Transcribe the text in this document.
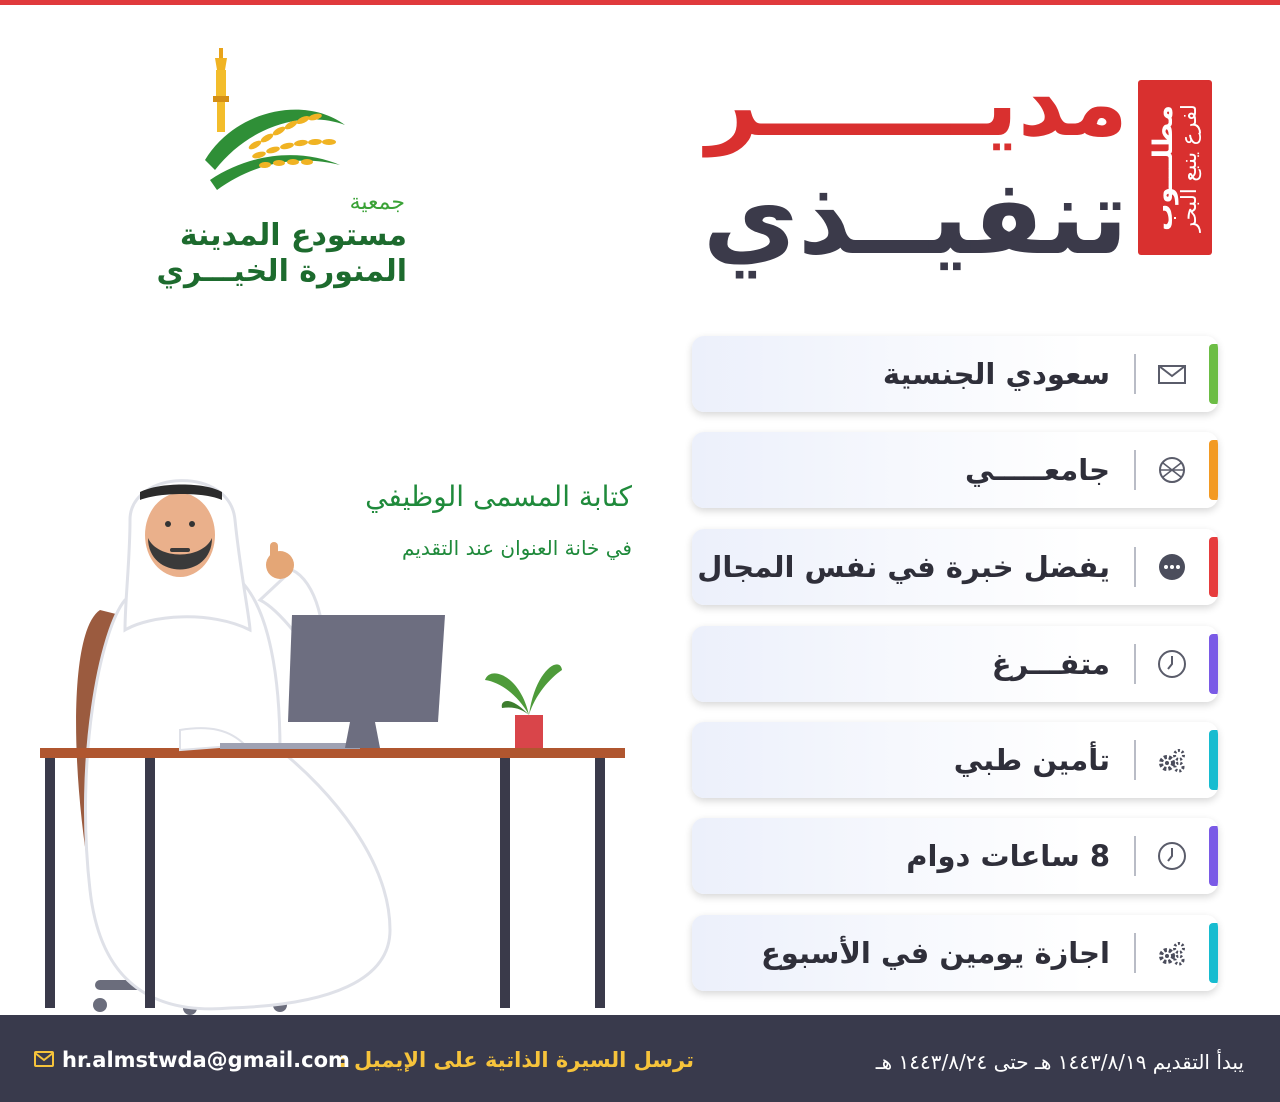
جمعية
مستودع المدينة
المنورة الخيـــري
مطلـــوب
لفرع ينبع البحر
مديـــــــر
تنفيــذي
سعودي الجنسية
جامعـــــي
يفضل خبرة في نفس المجال
متفـــرغ
تأمين طبي
8 ساعات دوام
اجازة يومين في الأسبوع
كتابة المسمى الوظيفي
في خانة العنوان عند التقديم
يبدأ التقديم ١٤٤٣/٨/١٩ هـ حتى ١٤٤٣/٨/٢٤ هـ
ترسل السيرة الذاتية على الإيميل :
hr.almstwda@gmail.com
